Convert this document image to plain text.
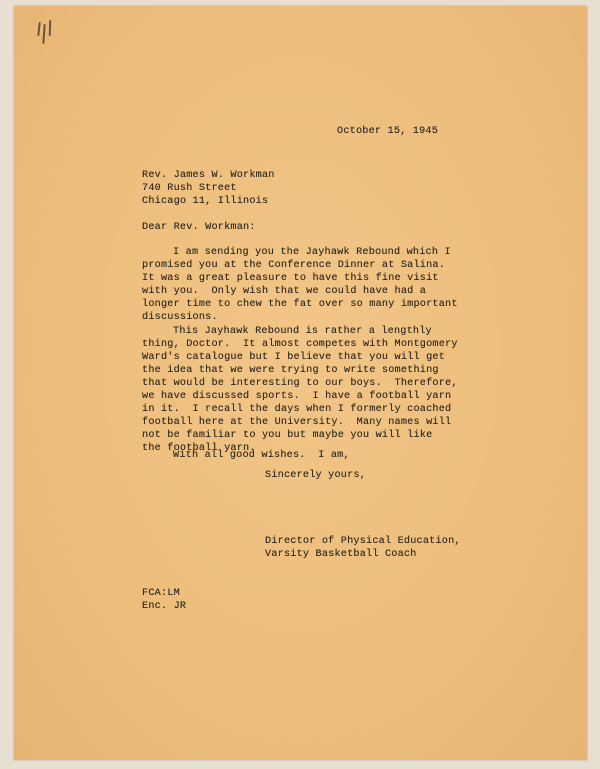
October 15, 1945

Rev. James W. Workman

740 Rush Street

Chicago 11, Illinois

Dear Rev. Workman:

I am sending you the Jayhawk Rebound which I

promised you at the Conference Dinner at Salina.

It was a great pleasure to have this fine visit

with you.  Only wish that we could have had a

longer time to chew the fat over so many important

discussions.

This Jayhawk Rebound is rather a lengthly

thing, Doctor.  It almost competes with Montgomery

Ward's catalogue but I believe that you will get

the idea that we were trying to write something

that would be interesting to our boys.  Therefore,

we have discussed sports.  I have a football yarn

in it.  I recall the days when I formerly coached

football here at the University.  Many names will

not be familiar to you but maybe you will like

the football yarn.

With all good wishes.  I am,

Sincerely yours,

Director of Physical Education,

Varsity Basketball Coach

FCA:LM

Enc. JR
